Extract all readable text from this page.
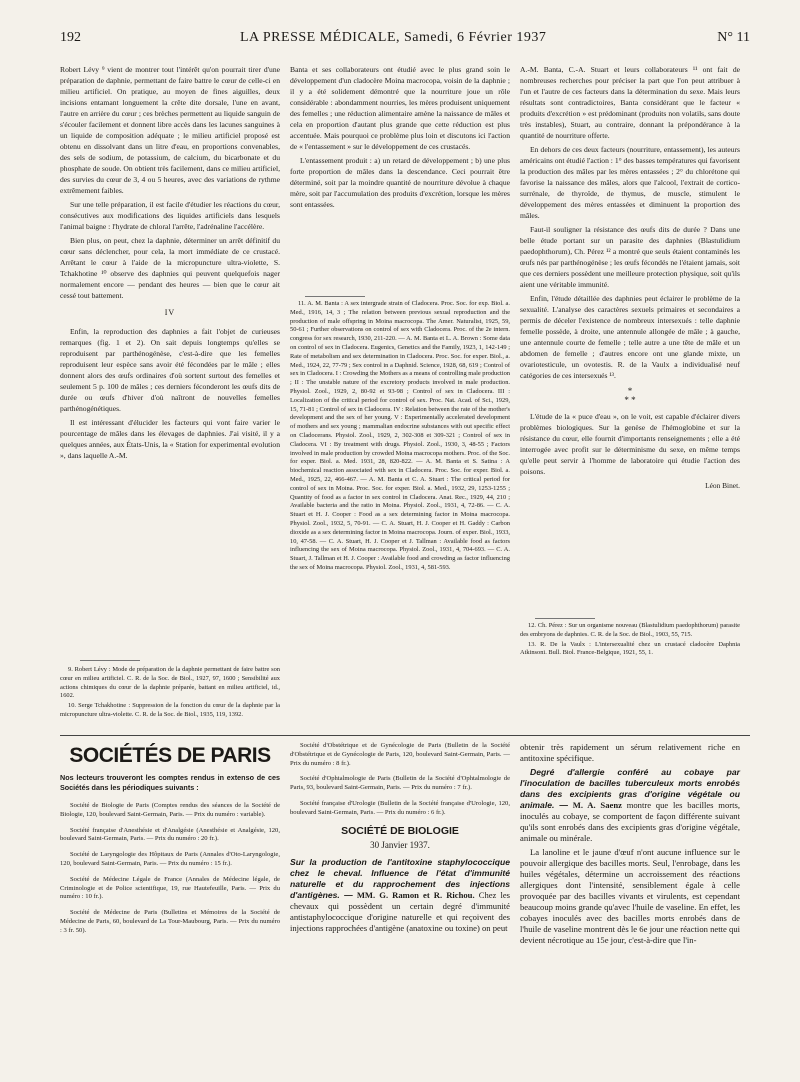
192	LA PRESSE MÉDICALE, Samedi, 6 Février 1937	N° 11

Robert Lévy ⁹ vient de montrer tout l'intérêt qu'on pourrait tirer d'une préparation de daphnie, permettant de faire battre le cœur de celle-ci en milieu artificiel. On pratique, au moyen de fines aiguilles, deux incisions entamant longuement la crête dite dorsale, l'une en avant, l'autre en arrière du cœur ; ces brèches permettent au liquide sanguin de s'écouler facilement et donnent libre accès dans les lacunes sanguines à un liquide de composition adéquate ; le milieu artificiel proposé est obtenu en dissolvant dans un litre d'eau, en proportions convenables, des sels de sodium, de potassium, de calcium, du bicarbonate et du phosphate de soude. On obtient très facilement, dans ce milieu artificiel, des survies du cœur de 3, 4 ou 5 heures, avec des variations de rythme extrêmement faibles.

Sur une telle préparation, il est facile d'étudier les réactions du cœur, consécutives aux modifications des liquides artificiels dans lesquels l'animal baigne : l'hydrate de chloral l'arrête, l'adrénaline l'accélère.

Bien plus, on peut, chez la daphnie, déterminer un arrêt définitif du cœur sans déclencher, pour cela, la mort immédiate de ce crustacé. Arrêtant le cœur à l'aide de la micropuncture ultra-violette, S. Tchakhotine ¹⁰ observe des daphnies qui peuvent quelquefois nager normalement encore — pendant des heures — bien que le cœur ait cessé tout battement.

IV

Enfin, la reproduction des daphnies a fait l'objet de curieuses remarques (fig. 1 et 2). On sait depuis longtemps qu'elles se reproduisent par parthénogénèse, c'est-à-dire que les femelles reproduisent leur espèce sans avoir été fécondées par le mâle ; elles donnent alors des œufs ordinaires d'où sortent surtout des femelles et seulement 5 p. 100 de mâles ; ces derniers féconderont les œufs dits de durée ou œufs d'hiver d'où naîtront de nouvelles femelles parthénogénétiques.

Il est intéressant d'élucider les facteurs qui vont faire varier le pourcentage de mâles dans les élevages de daphnies. J'ai visité, il y a quelques années, aux États-Unis, la « Station for experimental evolution », dans laquelle A.-M.

9. Robert Lévy : Mode de préparation de la daphnie permettant de faire battre son cœur en milieu artificiel. C. R. de la Soc. de Biol., 1927, 97, 1600 ; Sensibilité aux actions chimiques du cœur de la daphnie préparée, battant en milieu artificiel, id., 1602.

10. Serge Tchakhotine : Suppression de la fonction du cœur de la daphnie par la micropuncture ultra-violette. C. R. de la Soc. de Biol., 1935, 119, 1392.

Banta et ses collaborateurs ont étudié avec le plus grand soin le développement d'un cladocère Moina macrocopa, voisin de la daphnie ; il y a été solidement démontré que la nourriture joue un rôle considérable : abondamment nourries, les mères produisent uniquement des femelles ; une réduction alimentaire amène la naissance de mâles et cela en proportion d'autant plus grande que cette réduction est plus accentuée. Mais pourquoi ce problème plus loin et discutons ici l'action de « l'entassement » sur le développement de ces crustacés.

L'entassement produit : a) un retard de développement ; b) une plus forte proportion de mâles dans la descendance. Ceci pourrait être déterminé, soit par la moindre quantité de nourriture dévolue à chaque mère, soit par l'accumulation des produits d'excrétion, lorsque les mères sont entassées.

11. A. M. Banta : A sex intergrade strain of Cladocera. Proc. Soc. for exp. Biol. a. Med., 1916, 14, 3 ; The relation between previous sexual reproduction and the production of male offspring in Moina macrocopa. The Amer. Naturalist, 1925, 59, 50-61 ; Further observations on control of sex with Cladocera. Proc. of the 2e intern. congress for sex research, 1930, 211-220. — A. M. Banta et L. A. Brown : Some data on control of sex in Cladocera. Eugenics, Genetics and the Family, 1923, 1, 142-149 ; Rate of metabolism and sex determination in Cladocera. Proc. Soc. for exper. Biol., a. Med., 1924, 22, 77-79 ; Sex control in a Daphnid. Science, 1928, 68, 619 ; Control of sex in Cladocera. I : Crowding the Mothers as a means of controlling male production ; II : The unstable nature of the excretory products involved in male production. Physiol. Zool., 1929, 2, 80-92 et 93-98 ; Control of sex in Cladocera. III : Localization of the critical period for control of sex. Proc. Nat. Acad. of Sci., 1929, 15, 71-81 ; Control of sex in Cladocera. IV : Relation between the rate of the mother's development and the sex of her young. V : Experimentally accelerated development of mothers and sex young ; mammalian endocrine substances with out specific effect on Cladocerans. Physiol. Zool., 1929, 2, 302-308 et 309-321 ; Control of sex in Cladocera. VI : By treatment with drugs. Physiol. Zool., 1930, 3, 48-55 ; Factors involved in male production by crowded Moina macrocopa mothers. Proc. of the Soc. for exper. Biol. a. Med. 1931, 28, 820-822. — A. M. Banta et S. Satina : A biochemical reaction associated with sex in Cladocera. Proc. Soc. for exper. Biol. a. Med., 1925, 22, 466-467. — A. M. Banta et C. A. Stuart : The critical period for control of sex in Moina. Proc. Soc. for exper. Biol. a. Med., 1932, 29, 1253-1255 ; Quantity of food as a factor in sex control in Cladocera. Anat. Rec., 1929, 44, 210 ; Available bacteria and the ratio in Moina. Physiol. Zool., 1931, 4, 72-86. — C. A. Stuart et H. J. Cooper : Food as a sex determining factor in Moina macrocopa. Physiol. Zool., 1932, 5, 70-91. — C. A. Stuart, H. J. Cooper et H. Gaddy : Carbon dioxide as a sex determining factor in Moina macrocopa. Journ. of exper. Biol., 1933, 10, 47-58. — C. A. Stuart, H. J. Cooper et J. Tallman : Available food as factors influencing the sex of Moina macrocopa. Physiol. Zool., 1931, 4, 704-693. — C. A. Stuart, J. Tallman et H. J. Cooper : Available food and crowding as factor influencing the sex of Moina macrocopa. Physiol. Zool., 1931, 4, 581-593.

A.-M. Banta, C.-A. Stuart et leurs collaborateurs ¹¹ ont fait de nombreuses recherches pour préciser la part que l'on peut attribuer à l'un et l'autre de ces facteurs dans la détermination du sexe. Mais leurs résultats sont contradictoires, Banta considérant que le facteur « produits d'excrétion » est prédominant (produits non volatils, sans doute très instables), Stuart, au contraire, donnant la prépondérance à la quantité de nourriture offerte.

En dehors de ces deux facteurs (nourriture, entassement), les auteurs américains ont étudié l'action : 1° des basses températures qui favorisent la production des mâles par les mères entassées ; 2° du chlorétone qui favorise la naissance des mâles, alors que l'alcool, l'extrait de cortico-surrénale, de thyroïde, de thymus, de muscle, stimulent le développement des mères entassées et diminuent la proportion des mâles.

Faut-il souligner la résistance des œufs dits de durée ? Dans une belle étude portant sur un parasite des daphnies (Blastulidium paedophthorum), Ch. Pérez ¹² a montré que seuls étaient contaminés les œufs nés par parthénogénèse ; les œufs fécondés ne l'étaient jamais, soit que ces derniers possèdent une meilleure protection physique, soit qu'ils aient une véritable immunité.

Enfin, l'étude détaillée des daphnies peut éclairer le problème de la sexualité. L'analyse des caractères sexuels primaires et secondaires a permis de déceler l'existence de nombreux intersexués : telle daphnie femelle possède, à droite, une antennule allongée de mâle ; à gauche, une antennule courte de femelle ; telle autre a une tête de mâle et un abdomen de femelle ; d'autres encore ont une glande mixte, un ovariotesticule, un ovotestis. R. de la Vaulx a individualisé neuf catégories de ces intersexués ¹³.

*
* *

L'étude de la « puce d'eau », on le voit, est capable d'éclairer divers problèmes biologiques. Sur la genèse de l'hémoglobine et sur la résistance du cœur, elle fournit d'importants renseignements ; elle a été interrogée avec profit sur le déterminisme du sexe, en même temps qu'elle peut servir à l'homme de laboratoire qui étudie l'action des poisons.

Léon Binet.

12. Ch. Pérez : Sur un organisme nouveau (Blastulidium paedophthorum) parasite des embryons de daphnies. C. R. de la Soc. de Biol., 1903, 55, 715.

13. R. De la Vaulx : L'intersexualité chez un crustacé cladocère Daphnia Atkinsoni. Bull. Biol. France-Belgique, 1921, 55, 1.

SOCIÉTÉS DE PARIS
Nos lecteurs trouveront les comptes rendus in extenso de ces Sociétés dans les périodiques suivants :
Société de Biologie de Paris (Comptes rendus des séances de la Société de Biologie, 120, boulevard Saint-Germain, Paris. — Prix du numéro : variable).
Société française d'Anesthésie et d'Analgésie (Anesthésie et Analgésie, 120, boulevard Saint-Germain, Paris. — Prix du numéro : 20 fr.).
Société de Laryngologie des Hôpitaux de Paris (Annales d'Oto-Laryngologie, 120, boulevard Saint-Germain, Paris. — Prix du numéro : 15 fr.).
Société de Médecine Légale de France (Annales de Médecine légale, de Criminologie et de Police scientifique, 19, rue Hautefeuille, Paris. — Prix du numéro : 10 fr.).
Société de Médecine de Paris (Bulletins et Mémoires de la Société de Médecine de Paris, 60, boulevard de La Tour-Maubourg, Paris. — Prix du numéro : 3 fr. 50).
Société d'Obstétrique et de Gynécologie de Paris (Bulletin de la Société d'Obstétrique et de Gynécologie de Paris, 120, boulevard Saint-Germain, Paris. — Prix du numéro : 8 fr.).
Société d'Ophtalmologie de Paris (Bulletin de la Société d'Ophtalmologie de Paris, 93, boulevard Saint-Germain, Paris. — Prix du numéro : 7 fr.).
Société française d'Urologie (Bulletin de la Société française d'Urologie, 120, boulevard Saint-Germain, Paris. — Prix du numéro : 6 fr.).
SOCIÉTÉ DE BIOLOGIE
30 Janvier 1937.

Sur la production de l'antitoxine staphylococcique chez le cheval. Influence de l'état d'immunité naturelle et du rapprochement des injections d'antigènes. — MM. G. Ramon et R. Richou. Chez les chevaux qui possèdent un certain degré d'immunité antistaphylococcique d'origine naturelle et qui reçoivent des injections rapprochées d'antigène (anatoxine ou toxine) on peut

obtenir très rapidement un sérum relativement riche en antitoxine spécifique.

Degré d'allergie conféré au cobaye par l'inoculation de bacilles tuberculeux morts enrobés dans des excipients gras d'origine végétale ou animale. — M. A. Saenz montre que les bacilles morts, inoculés au cobaye, se comportent de façon différente suivant qu'ils sont enrobés dans des excipients gras d'origine végétale, animale ou minérale.

La lanoline et le jaune d'œuf n'ont aucune influence sur le pouvoir allergique des bacilles morts. Seul, l'enrobage, dans les huiles végétales, détermine un accroissement des réactions allergiques dont l'intensité, sensiblement égale à celle provoquée par des bacilles vivants et virulents, est cependant beaucoup moins grande qu'avec l'huile de vaseline. En effet, les cobayes inoculés avec des bacilles morts enrobés dans de l'huile de vaseline montrent dès le 6e jour une réaction nette qui devient nécrotique au 15e jour, c'est-à-dire que l'in-
